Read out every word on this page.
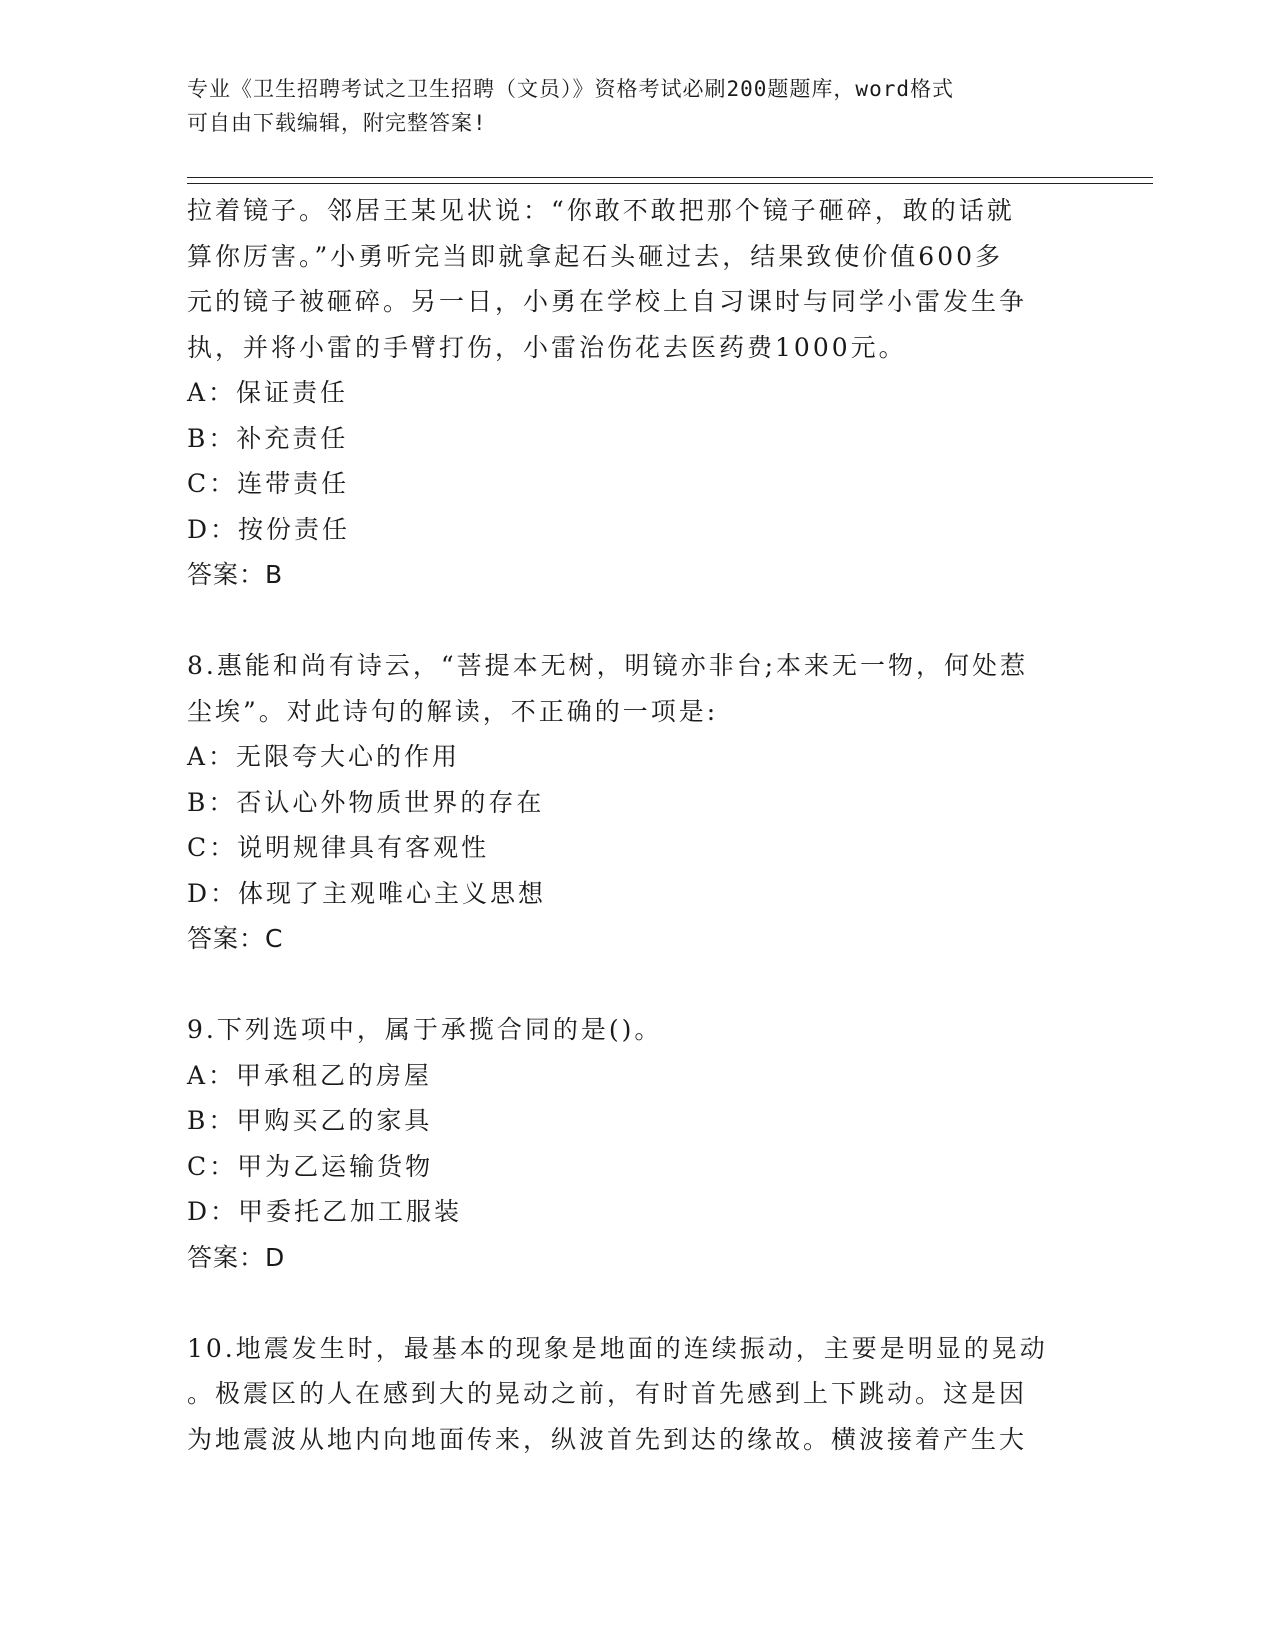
专业《卫生招聘考试之卫生招聘（文员）》资格考试必刷200题题库，word格式
可自由下载编辑，附完整答案!
拉着镜子。邻居王某见状说：“你敢不敢把那个镜子砸碎，敢的话就
算你厉害。”小勇听完当即就拿起石头砸过去，结果致使价值600多
元的镜子被砸碎。另一日，小勇在学校上自习课时与同学小雷发生争
执，并将小雷的手臂打伤，小雷治伤花去医药费1000元。
A：保证责任
B：补充责任
C：连带责任
D：按份责任
答案：B
8.惠能和尚有诗云，“菩提本无树，明镜亦非台;本来无一物，何处惹
尘埃”。对此诗句的解读，不正确的一项是:
A：无限夸大心的作用
B：否认心外物质世界的存在
C：说明规律具有客观性
D：体现了主观唯心主义思想
答案：C
9.下列选项中，属于承揽合同的是()。
A：甲承租乙的房屋
B：甲购买乙的家具
C：甲为乙运输货物
D：甲委托乙加工服装
答案：D
10.地震发生时，最基本的现象是地面的连续振动，主要是明显的晃动
。极震区的人在感到大的晃动之前，有时首先感到上下跳动。这是因
为地震波从地内向地面传来，纵波首先到达的缘故。横波接着产生大
